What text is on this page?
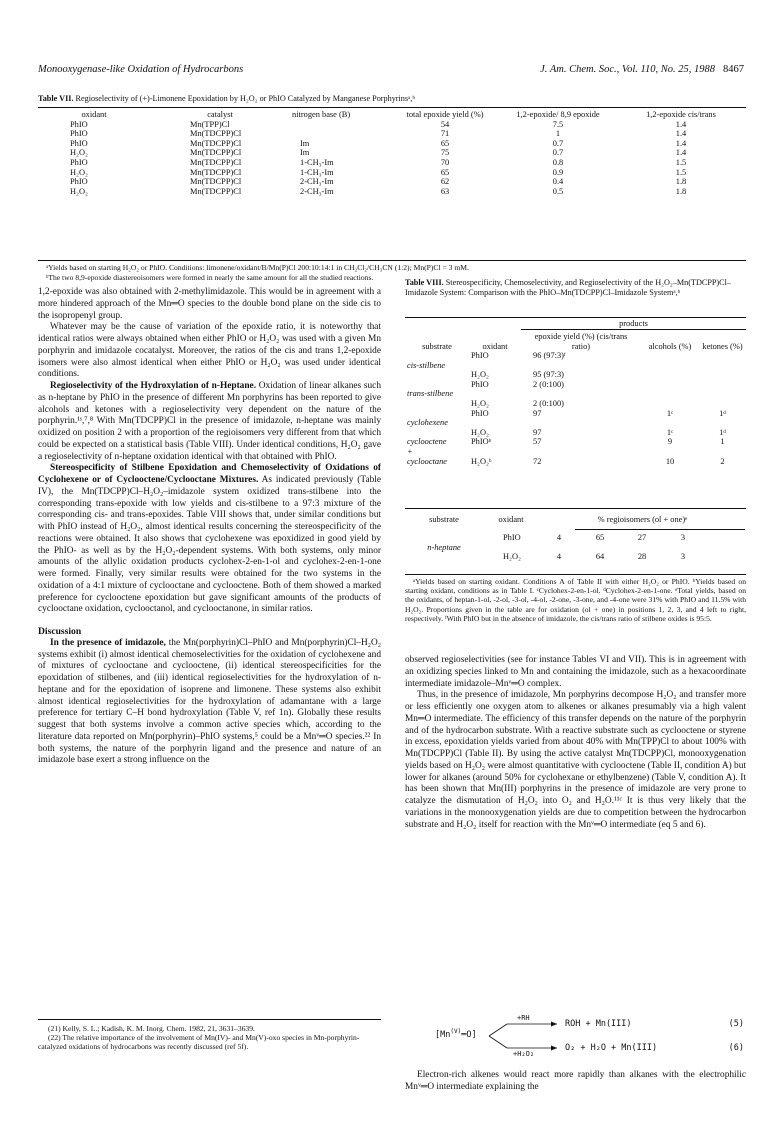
Monooxygenase-like Oxidation of Hydrocarbons	J. Am. Chem. Soc., Vol. 110, No. 25, 1988 8467
Table VII. Regioselectivity of (+)-Limonene Epoxidation by H₂O₂ or PhIO Catalyzed by Manganese Porphyrinsᵃ,ᵇ
oxidant	catalyst	nitrogen base (B)	total epoxide yield (%)	1,2-epoxide/ 8,9 epoxide	1,2-epoxide cis/trans
PhIO	Mn(TPP)Cl		54	7.5	1.4
PhIO	Mn(TDCPP)Cl		71	1	1.4
PhIO	Mn(TDCPP)Cl	Im	65	0.7	1.4
H₂O₂	Mn(TDCPP)Cl	Im	75	0.7	1.4
PhIO	Mn(TDCPP)Cl	1-CH₃-Im	70	0.8	1.5
H₂O₂	Mn(TDCPP)Cl	1-CH₃-Im	65	0.9	1.5
PhIO	Mn(TDCPP)Cl	2-CH₃-Im	62	0.4	1.8
H₂O₂	Mn(TDCPP)Cl	2-CH₃-Im	63	0.5	1.8
ᵃYields based on starting H₂O₂ or PhIO. Conditions: limonene/oxidant/B/Mn(P)Cl 200:10:14:1 in CH₂Cl₂/CH₃CN (1:2); Mn(P)Cl = 3 mM.
ᵇThe two 8,9-epoxide diastereoisomers were formed in nearly the same amount for all the studied reactions.

1,2-epoxide was also obtained with 2-methylimidazole. This would be in agreement with a more hindered approach of the Mn═O species to the double bond plane on the side cis to the isopropenyl group.

Whatever may be the cause of variation of the epoxide ratio, it is noteworthy that identical ratios were always obtained when either PhIO or H₂O₂ was used with a given Mn porphyrin and imidazole cocatalyst. Moreover, the ratios of the cis and trans 1,2-epoxide isomers were also almost identical when either PhIO or H₂O₂ was used under identical conditions.

Regioselectivity of the Hydroxylation of n-Heptane. Oxidation of linear alkanes such as n-heptane by PhIO in the presence of different Mn porphyrins has been reported to give alcohols and ketones with a regioselectivity very dependent on the nature of the porphyrin.¹ˢ,⁷,⁸ With Mn(TDCPP)Cl in the presence of imidazole, n-heptane was mainly oxidized on position 2 with a proportion of the regioisomers very different from that which could be expected on a statistical basis (Table VIII). Under identical conditions, H₂O₂ gave a regioselectivity of n-heptane oxidation identical with that obtained with PhIO.

Stereospecificity of Stilbene Epoxidation and Chemoselectivity of Oxidations of Cyclohexene or of Cyclooctene/Cyclooctane Mixtures. As indicated previously (Table IV), the Mn(TDCPP)Cl–H₂O₂–imidazole system oxidized trans-stilbene into the corresponding trans-epoxide with low yields and cis-stilbene to a 97:3 mixture of the corresponding cis- and trans-epoxides. Table VIII shows that, under similar conditions but with PhIO instead of H₂O₂, almost identical results concerning the stereospecificity of the reactions were obtained. It also shows that cyclohexene was epoxidized in good yield by the PhIO- as well as by the H₂O₂-dependent systems. With both systems, only minor amounts of the allylic oxidation products cyclohex-2-en-1-ol and cyclohex-2-en-1-one were formed. Finally, very similar results were obtained for the two systems in the oxidation of a 4:1 mixture of cyclooctane and cyclooctene. Both of them showed a marked preference for cyclooctene epoxidation but gave significant amounts of the products of cyclooctane oxidation, cyclooctanol, and cyclooctanone, in similar ratios.

Discussion

In the presence of imidazole, the Mn(porphyrin)Cl–PhIO and Mn(porphyrin)Cl–H₂O₂ systems exhibit (i) almost identical chemoselectivities for the oxidation of cyclohexene and of mixtures of cyclooctane and cyclooctene, (ii) identical stereospecificities for the epoxidation of stilbenes, and (iii) identical regioselectivities for the hydroxylation of n-heptane and for the epoxidation of isoprene and limonene. These systems also exhibit almost identical regioselectivities for the hydroxylation of adamantane with a large preference for tertiary C–H bond hydroxylation (Table V, ref 1n). Globally these results suggest that both systems involve a common active species which, according to the literature data reported on Mn(porphyrin)–PhIO systems,⁵ could be a Mnᵛ═O species.²² In both systems, the nature of the porphyrin ligand and the presence and nature of an imidazole base exert a strong influence on the

(21) Kelly, S. L.; Kadish, K. M. Inorg. Chem. 1982, 21, 3631–3639.

(22) The relative importance of the involvement of Mn(IV)- and Mn(V)-oxo species in Mn-porphyrin-catalyzed oxidations of hydrocarbons was recently discussed (ref 5f).

Table VIII. Stereospecificity, Chemoselectivity, and Regioselectivity of the H₂O₂–Mn(TDCPP)Cl–Imidazole System: Comparison with the PhIO–Mn(TDCPP)Cl–Imidazole Systemᵃ,ᵇ
		products		
substrate	oxidant	epoxide yield (%) (cis/trans ratio)	alcohols (%)	ketones (%)
	PhIO	96 (97:3)ᶠ		
cis-stilbene				
	H₂O₂	95 (97:3)		
	PhIO	2 (0:100)		
trans-stilbene				
	H₂O₂	2 (0:100)		
	PhIO	97	1ᶜ	1ᵈ
cyclohexene				
	H₂O₂	97	1ᶜ	1ᵈ
cyclooctene	PhIOᵇ	57	9	1
+				
cyclooctane	H₂O₂ᵇ	72	10	2
substrate	oxidant	% regioisomers (ol + one)ᵉ
	PhIO	4	65	27	3
n-heptane					
	H₂O₂	4	64	28	3
ᵃYields based on starting oxidant. Conditions A of Table II with either H₂O₂ or PhIO. ᵇYields based on starting oxidant, conditions as in Table I. ᶜCyclohex-2-en-1-ol. ᵈCyclohex-2-en-1-one. ᵉTotal yields, based on the oxidants, of heptan-1-ol, -2-ol, -3-ol, -4-ol, -2-one, -3-one, and -4-one were 31% with PhIO and 11.5% with H₂O₂. Proportions given in the table are for oxidation (ol + one) in positions 1, 2, 3, and 4 left to right, respectively. ᶠWith PhIO but in the absence of imidazole, the cis/trans ratio of stilbene oxides is 95:5.

observed regioselectivities (see for instance Tables VI and VII). This is in agreement with an oxidizing species linked to Mn and containing the imidazole, such as a hexacoordinate intermediate imidazole–Mnᵛ═O complex.

Thus, in the presence of imidazole, Mn porphyrins decompose H₂O₂ and transfer more or less efficiently one oxygen atom to alkenes or alkanes presumably via a high valent Mn═O intermediate. The efficiency of this transfer depends on the nature of the porphyrin and of the hydrocarbon substrate. With a reactive substrate such as cyclooctene or styrene in excess, epoxidation yields varied from about 40% with Mn(TPP)Cl to about 100% with Mn(TDCPP)Cl (Table II). By using the active catalyst Mn(TDCPP)Cl, monooxygenation yields based on H₂O₂ were almost quantitative with cyclooctene (Table II, condition A) but lower for alkanes (around 50% for cyclohexane or ethylbenzene) (Table V, condition A). It has been shown that Mn(III) porphyrins in the presence of imidazole are very prone to catalyze the dismutation of H₂O₂ into O₂ and H₂O.¹¹ᶜ It is thus very likely that the variations in the monooxygenation yields are due to competition between the hydrocarbon substrate and H₂O₂ itself for reaction with the Mnᵛ═O intermediate (eq 5 and 6).

$[Mn^{(V)}═O]$
+RH
+H₂O₂
ROH + Mn(III)
O₂ + H₂O + Mn(III)
(5)
(6)

Electron-rich alkenes would react more rapidly than alkanes with the electrophilic Mnᵛ═O intermediate explaining the
